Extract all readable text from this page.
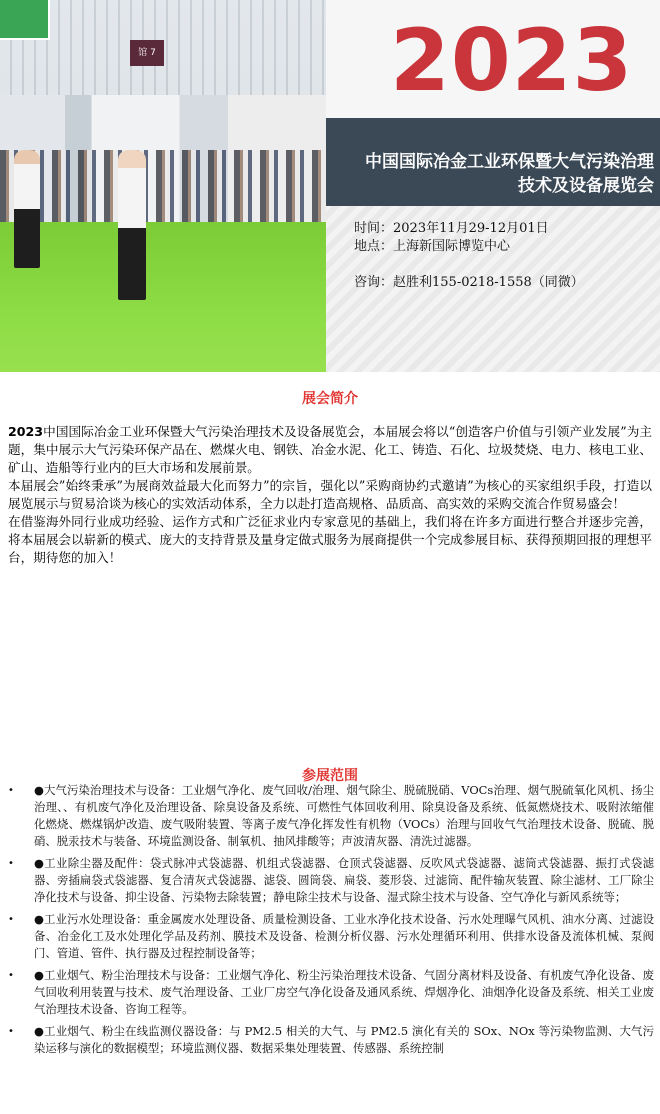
馆 7	2023
中国国际冶金工业环保暨大气污染治理
技术及设备展览会
时间：2023年11月29-12月01日
地点：上海新国际博览中心
咨询：赵胜利155-0218-1558（同微）
展会简介

2023中国国际冶金工业环保暨大气污染治理技术及设备展览会，本届展会将以“创造客户价值与引领产业发展”为主题，集中展示大气污染环保产品在、燃煤火电、钢铁、冶金水泥、化工、铸造、石化、垃圾焚烧、电力、核电工业、矿山、造船等行业内的巨大市场和发展前景。

本届展会”始终秉承”为展商效益最大化而努力”的宗旨，强化以”采购商协约式邀请”为核心的买家组织手段，打造以展览展示与贸易洽谈为核心的实效活动体系，全力以赴打造高规格、品质高、高实效的采购交流合作贸易盛会！

在借鉴海外同行业成功经验、运作方式和广泛征求业内专家意见的基础上，我们将在许多方面进行整合并逐步完善，将本届展会以崭新的模式、庞大的支持背景及量身定做式服务为展商提供一个完成参展目标、获得预期回报的理想平台，期待您的加入！

参展范围
• ●大气污染治理技术与设备：工业烟气净化、废气回收/治理、烟气除尘、脱硫脱硝、VOCs治理、烟气脱硫氧化风机、扬尘治理、、有机废气净化及治理设备、除臭设备及系统、可燃性气体回收利用、除臭设备及系统、低氮燃烧技术、吸附浓缩催化燃烧、燃煤锅炉改造、废气吸附装置、等离子废气净化挥发性有机物（VOCs）治理与回收气气治理技术设备、脱硫、脱硝、脱汞技术与装备、环境监测设备、制氧机、抽风排酸等；声波清灰器、清洗过滤器。
• ●工业除尘器及配件：袋式脉冲式袋滤器、机组式袋滤器、仓顶式袋滤器、反吹风式袋滤器、滤筒式袋滤器、振打式袋滤器、旁插扁袋式袋滤器、复合清灰式袋滤器、滤袋、圆筒袋、扁袋、菱形袋、过滤筒、配件输灰装置、除尘滤材、工厂除尘净化技术与设备、抑尘设备、污染物去除装置；静电除尘技术与设备、湿式除尘技术与设备、空气净化与新风系统等；
• ●工业污水处理设备：重金属废水处理设备、质量检测设备、工业水净化技术设备、污水处理曝气风机、油水分离、过滤设备、冶金化工及水处理化学品及药剂、膜技术及设备、检测分析仪器、污水处理循环利用、供排水设备及流体机械、泵阀门、管道、管件、执行器及过程控制设备等；
• ●工业烟气、粉尘治理技术与设备：工业烟气净化、粉尘污染治理技术设备、气固分离材料及设备、有机废气净化设备、废气回收利用装置与技术、废气治理设备、工业厂房空气净化设备及通风系统、焊烟净化、油烟净化设备及系统、相关工业废气治理技术设备、咨询工程等。
• ●工业烟气、粉尘在线监测仪器设备：与 PM2.5 相关的大气、与 PM2.5 演化有关的 SOx、NOx 等污染物监测、大气污染运移与演化的数据模型；环境监测仪器、数据采集处理装置、传感器、系统控制
